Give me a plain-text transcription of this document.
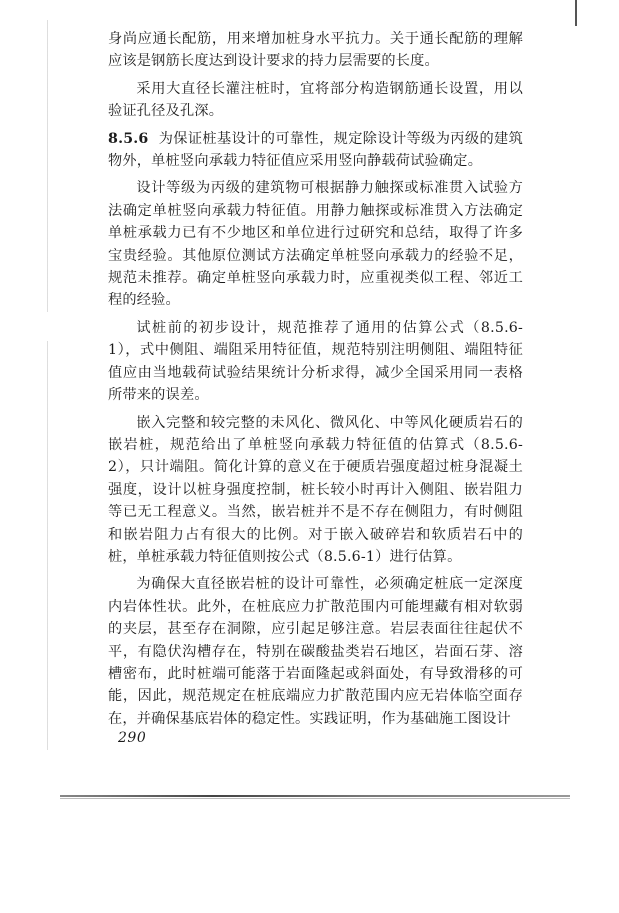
身尚应通长配筋，用来增加桩身水平抗力。关于通长配筋的理解应该是钢筋长度达到设计要求的持力层需要的长度。

采用大直径长灌注桩时，宜将部分构造钢筋通长设置，用以验证孔径及孔深。

8.5.6 为保证桩基设计的可靠性，规定除设计等级为丙级的建筑物外，单桩竖向承载力特征值应采用竖向静载荷试验确定。

设计等级为丙级的建筑物可根据静力触探或标准贯入试验方法确定单桩竖向承载力特征值。用静力触探或标准贯入方法确定单桩承载力已有不少地区和单位进行过研究和总结，取得了许多宝贵经验。其他原位测试方法确定单桩竖向承载力的经验不足，规范未推荐。确定单桩竖向承载力时，应重视类似工程、邻近工程的经验。

试桩前的初步设计，规范推荐了通用的估算公式（8.5.6-1），式中侧阻、端阻采用特征值，规范特别注明侧阻、端阻特征值应由当地载荷试验结果统计分析求得，减少全国采用同一表格所带来的误差。

嵌入完整和较完整的未风化、微风化、中等风化硬质岩石的嵌岩桩，规范给出了单桩竖向承载力特征值的估算式（8.5.6-2），只计端阻。简化计算的意义在于硬质岩强度超过桩身混凝土强度，设计以桩身强度控制，桩长较小时再计入侧阻、嵌岩阻力等已无工程意义。当然，嵌岩桩并不是不存在侧阻力，有时侧阻和嵌岩阻力占有很大的比例。对于嵌入破碎岩和软质岩石中的桩，单桩承载力特征值则按公式（8.5.6-1）进行估算。

为确保大直径嵌岩桩的设计可靠性，必须确定桩底一定深度内岩体性状。此外，在桩底应力扩散范围内可能埋藏有相对软弱的夹层，甚至存在洞隙，应引起足够注意。岩层表面往往起伏不平，有隐伏沟槽存在，特别在碳酸盐类岩石地区，岩面石芽、溶槽密布，此时桩端可能落于岩面隆起或斜面处，有导致滑移的可能，因此，规范规定在桩底端应力扩散范围内应无岩体临空面存在，并确保基底岩体的稳定性。实践证明，作为基础施工图设计

290
